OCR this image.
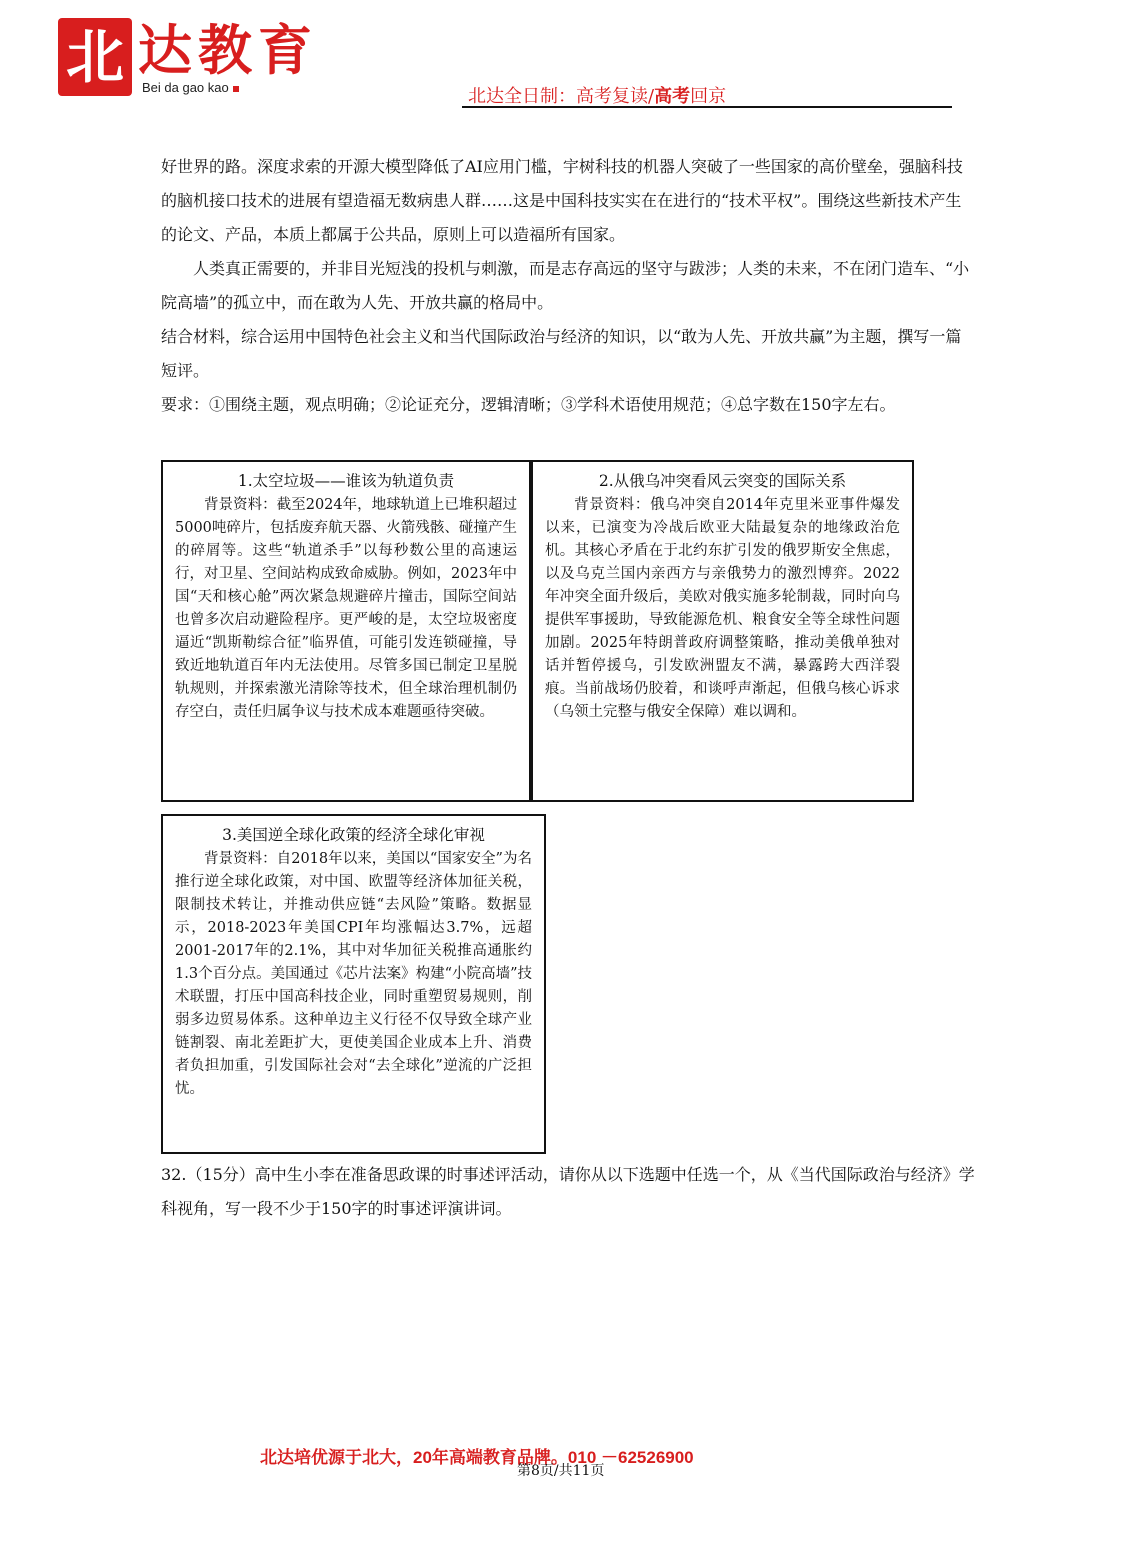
北 达教育
Bei da gao kao	北达全日制：高考复读/高考回京
好世界的路。深度求索的开源大模型降低了AI应用门槛，宇树科技的机器人突破了一些国家的高价壁垒，强脑科技的脑机接口技术的进展有望造福无数病患人群……这是中国科技实实在在进行的“技术平权”。围绕这些新技术产生的论文、产品，本质上都属于公共品，原则上可以造福所有国家。
人类真正需要的，并非目光短浅的投机与刺激，而是志存高远的坚守与跋涉；人类的未来，不在闭门造车、“小院高墙”的孤立中，而在敢为人先、开放共赢的格局中。
结合材料，综合运用中国特色社会主义和当代国际政治与经济的知识，以“敢为人先、开放共赢”为主题，撰写一篇短评。
要求：①围绕主题，观点明确；②论证充分，逻辑清晰；③学科术语使用规范；④总字数在150字左右。
1.太空垃圾——谁该为轨道负责
背景资料：截至2024年，地球轨道上已堆积超过5000吨碎片，包括废弃航天器、火箭残骸、碰撞产生的碎屑等。这些“轨道杀手”以每秒数公里的高速运行，对卫星、空间站构成致命威胁。例如，2023年中国“天和核心舱”两次紧急规避碎片撞击，国际空间站也曾多次启动避险程序。更严峻的是，太空垃圾密度逼近“凯斯勒综合征”临界值，可能引发连锁碰撞，导致近地轨道百年内无法使用。尽管多国已制定卫星脱轨规则，并探索激光清除等技术，但全球治理机制仍存空白，责任归属争议与技术成本难题亟待突破。
2.从俄乌冲突看风云突变的国际关系
背景资料：俄乌冲突自2014年克里米亚事件爆发以来，已演变为冷战后欧亚大陆最复杂的地缘政治危机。其核心矛盾在于北约东扩引发的俄罗斯安全焦虑，以及乌克兰国内亲西方与亲俄势力的激烈博弈。2022年冲突全面升级后，美欧对俄实施多轮制裁，同时向乌提供军事援助，导致能源危机、粮食安全等全球性问题加剧。2025年特朗普政府调整策略，推动美俄单独对话并暂停援乌，引发欧洲盟友不满，暴露跨大西洋裂痕。当前战场仍胶着，和谈呼声渐起，但俄乌核心诉求（乌领土完整与俄安全保障）难以调和。
3.美国逆全球化政策的经济全球化审视
背景资料：自2018年以来，美国以“国家安全”为名推行逆全球化政策，对中国、欧盟等经济体加征关税，限制技术转让，并推动供应链“去风险”策略。数据显示，2018-2023年美国CPI年均涨幅达3.7%，远超2001-2017年的2.1%，其中对华加征关税推高通胀约1.3个百分点。美国通过《芯片法案》构建“小院高墙”技术联盟，打压中国高科技企业，同时重塑贸易规则，削弱多边贸易体系。这种单边主义行径不仅导致全球产业链割裂、南北差距扩大，更使美国企业成本上升、消费者负担加重，引发国际社会对“去全球化”逆流的广泛担忧。
32.（15分）高中生小李在准备思政课的时事述评活动，请你从以下选题中任选一个，从《当代国际政治与经济》学科视角，写一段不少于150字的时事述评演讲词。
北达培优源于北大，20年高端教育品牌。010 －62526900
第8页/共11页
